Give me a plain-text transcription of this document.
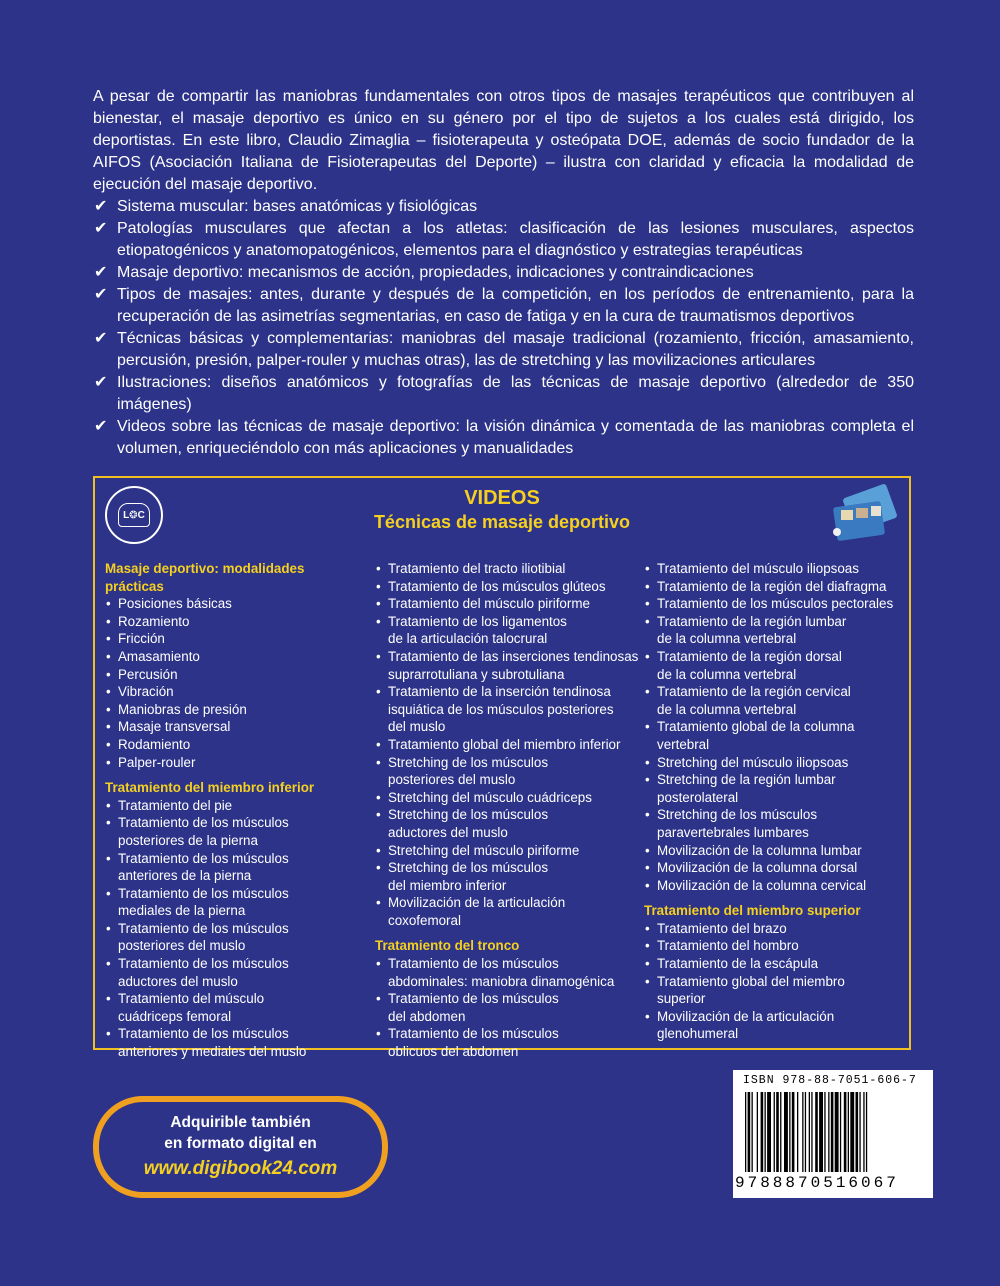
A pesar de compartir las maniobras fundamentales con otros tipos de masajes terapéuticos que contribuyen al bienestar, el masaje deportivo es único en su género por el tipo de sujetos a los cuales está dirigido, los deportistas. En este libro, Claudio Zimaglia – fisioterapeuta y osteópata DOE, además de socio fundador de la AIFOS (Asociación Italiana de Fisioterapeutas del Deporte) – ilustra con claridad y eficacia la modalidad de ejecución del masaje deportivo.

✔ Sistema muscular: bases anatómicas y fisiológicas
✔ Patologías musculares que afectan a los atletas: clasificación de las lesiones musculares, aspectos etiopatogénicos y anatomopatogénicos, elementos para el diagnóstico y estrategias terapéuticas
✔ Masaje deportivo: mecanismos de acción, propiedades, indicaciones y contraindicaciones
✔ Tipos de masajes: antes, durante y después de la competición, en los períodos de entrenamiento, para la recuperación de las asimetrías segmentarias, en caso de fatiga y en la cura de traumatismos deportivos
✔ Técnicas básicas y complementarias: maniobras del masaje tradicional (rozamiento, fricción, amasamiento, percusión, presión, palper-rouler y muchas otras), las de stretching y las movilizaciones articulares
✔ Ilustraciones: diseños anatómicos y fotografías de las técnicas de masaje deportivo (alrededor de 350 imágenes)
✔ Videos sobre las técnicas de masaje deportivo: la visión dinámica y comentada de las maniobras completa el volumen, enriqueciéndolo con más aplicaciones y manualidades
L❂C
VIDEOS
Técnicas de masaje deportivo
Masaje deportivo: modalidades prácticas
• Posiciones básicas
• Rozamiento
• Fricción
• Amasamiento
• Percusión
• Vibración
• Maniobras de presión
• Masaje transversal
• Rodamiento
• Palper-rouler
Tratamiento del miembro inferior
• Tratamiento del pie
• Tratamiento de los músculos
posteriores de la pierna
• Tratamiento de los músculos
anteriores de la pierna
• Tratamiento de los músculos
mediales de la pierna
• Tratamiento de los músculos
posteriores del muslo
• Tratamiento de los músculos
aductores del muslo
• Tratamiento del músculo
cuádriceps femoral
• Tratamiento de los músculos
anteriores y mediales del muslo
• Tratamiento del tracto iliotibial
• Tratamiento de los músculos glúteos
• Tratamiento del músculo piriforme
• Tratamiento de los ligamentos
de la articulación talocrural
• Tratamiento de las inserciones tendinosas
suprarrotuliana y subrotuliana
• Tratamiento de la inserción tendinosa
isquiática de los músculos posteriores
del muslo
• Tratamiento global del miembro inferior
• Stretching de los músculos
posteriores del muslo
• Stretching del músculo cuádriceps
• Stretching de los músculos
aductores del muslo
• Stretching del músculo piriforme
• Stretching de los músculos
del miembro inferior
• Movilización de la articulación coxofemoral
Tratamiento del tronco
• Tratamiento de los músculos
abdominales: maniobra dinamogénica
• Tratamiento de los músculos
del abdomen
• Tratamiento de los músculos
oblicuos del abdomen
• Tratamiento del músculo iliopsoas
• Tratamiento de la región del diafragma
• Tratamiento de los músculos pectorales
• Tratamiento de la región lumbar
de la columna vertebral
• Tratamiento de la región dorsal
de la columna vertebral
• Tratamiento de la región cervical
de la columna vertebral
• Tratamiento global de la columna
vertebral
• Stretching del músculo iliopsoas
• Stretching de la región lumbar
posterolateral
• Stretching de los músculos
paravertebrales lumbares
• Movilización de la columna lumbar
• Movilización de la columna dorsal
• Movilización de la columna cervical
Tratamiento del miembro superior
• Tratamiento del brazo
• Tratamiento del hombro
• Tratamiento de la escápula
• Tratamiento global del miembro
superior
• Movilización de la articulación
glenohumeral
Adquirible también
en formato digital en
www.digibook24.com
ISBN 978-88-7051-606-7
9788870516067
